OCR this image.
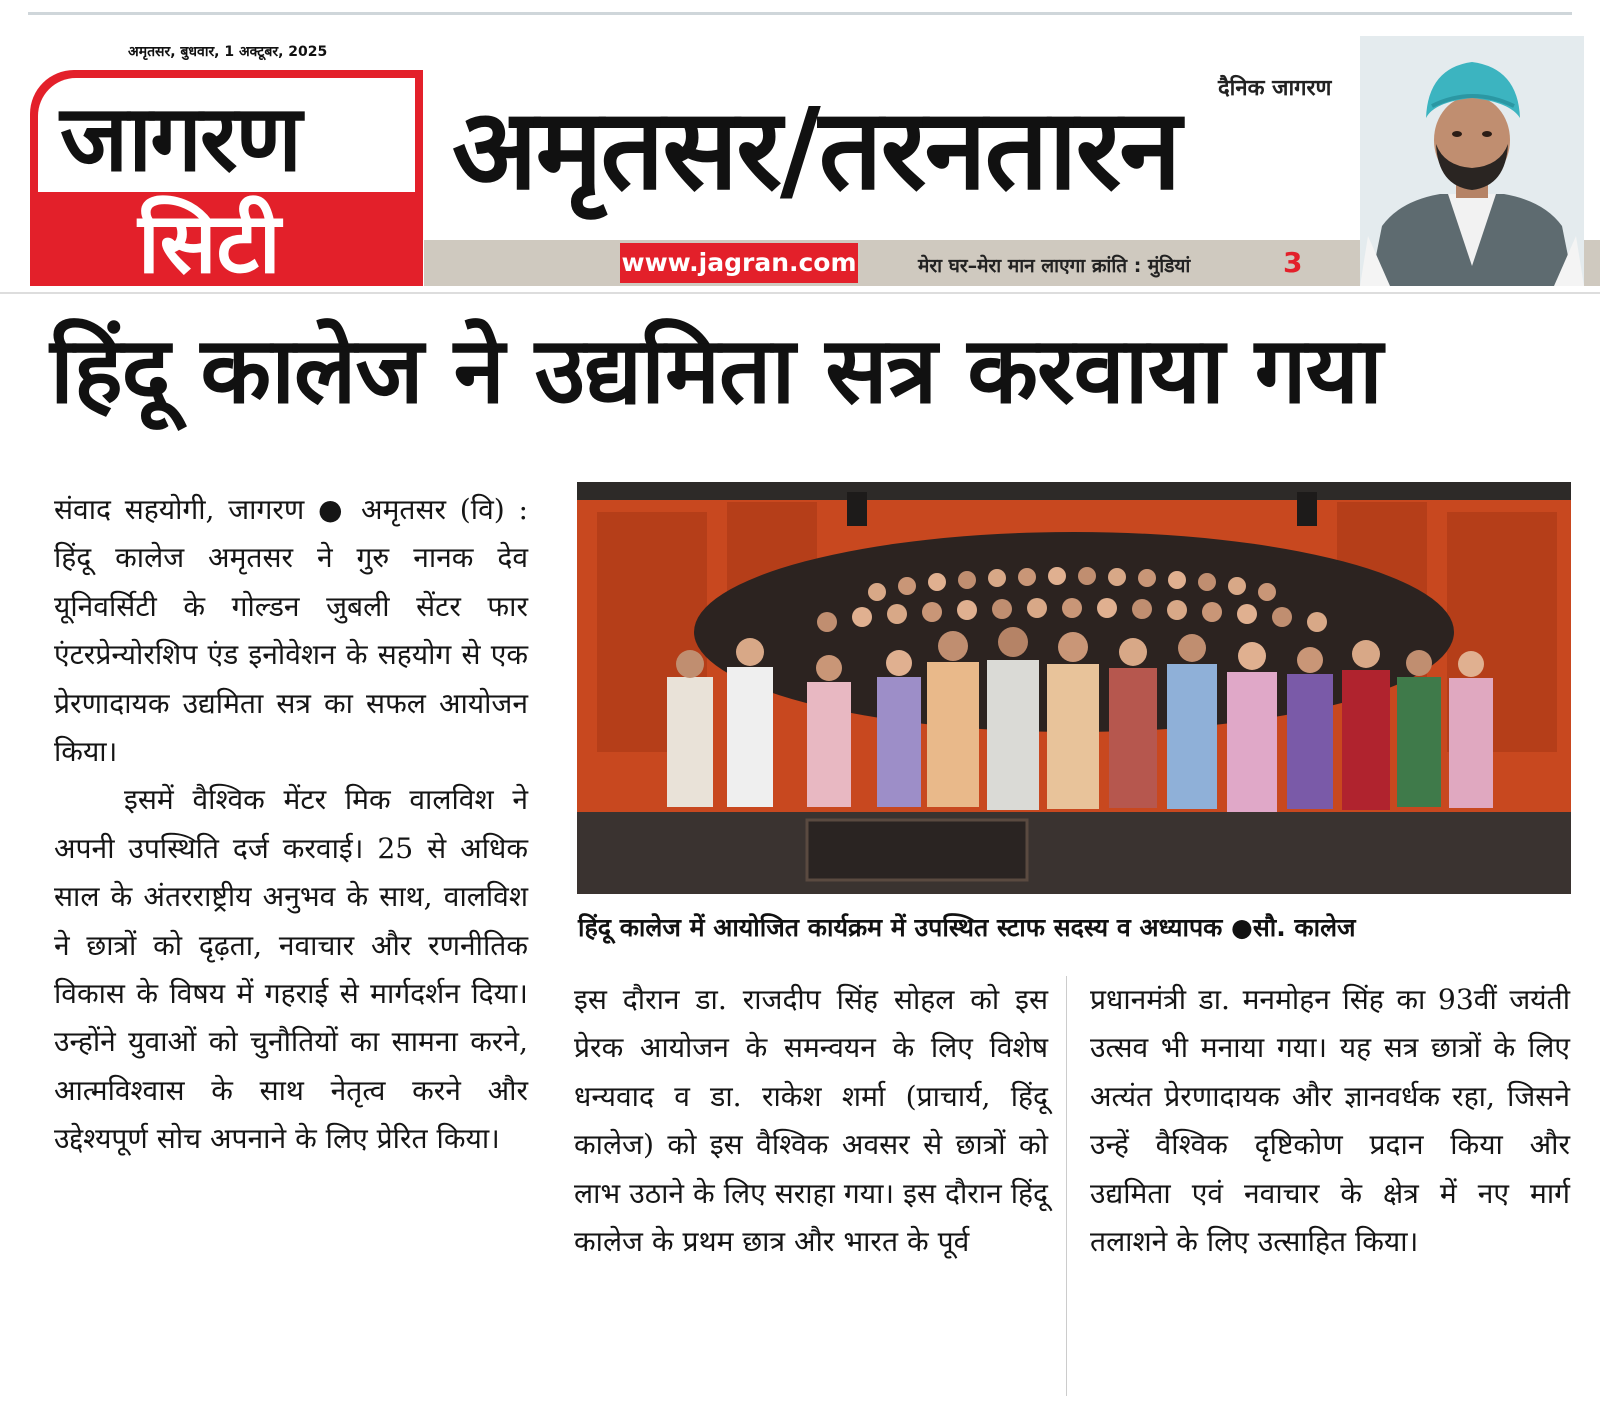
अमृतसर, बुधवार, 1 अक्टूबर, 2025
जागरण
सिटी
अमृतसर/तरनतारन दैनिक जागरण
www.jagran.com	मेरा घर–मेरा मान लाएगा क्रांति : मुंडियां	3
हिंदू कालेज ने उद्यमिता सत्र करवाया गया

संवाद सहयोगी, जागरण ● अमृतसर (वि) : हिंदू कालेज अमृतसर ने गुरु नानक देव यूनिवर्सिटी के गोल्डन जुबली सेंटर फार एंटरप्रेन्योरशिप एंड इनोवेशन के सहयोग से एक प्रेरणादायक उद्यमिता सत्र का सफल आयोजन किया।

इसमें वैश्विक मेंटर मिक वालविश ने अपनी उपस्थिति दर्ज करवाई। 25 से अधिक साल के अंतरराष्ट्रीय अनुभव के साथ, वालविश ने छात्रों को दृढ़ता, नवाचार और रणनीतिक विकास के विषय में गहराई से मार्गदर्शन दिया। उन्होंने युवाओं को चुनौतियों का सामना करने, आत्मविश्वास के साथ नेतृत्व करने और उद्देश्यपूर्ण सोच अपनाने के लिए प्रेरित किया।

हिंदू कालेज में आयोजित कार्यक्रम में उपस्थित स्टाफ सदस्य व अध्यापक ●सौ. कालेज

इस दौरान डा. राजदीप सिंह सोहल को इस प्रेरक आयोजन के समन्वयन के लिए विशेष धन्यवाद व डा. राकेश शर्मा (प्राचार्य, हिंदू कालेज) को इस वैश्विक अवसर से छात्रों को लाभ उठाने के लिए सराहा गया। इस दौरान हिंदू कालेज के प्रथम छात्र और भारत के पूर्व

प्रधानमंत्री डा. मनमोहन सिंह का 93वीं जयंती उत्सव भी मनाया गया। यह सत्र छात्रों के लिए अत्यंत प्रेरणादायक और ज्ञानवर्धक रहा, जिसने उन्हें वैश्विक दृष्टिकोण प्रदान किया और उद्यमिता एवं नवाचार के क्षेत्र में नए मार्ग तलाशने के लिए उत्साहित किया।
